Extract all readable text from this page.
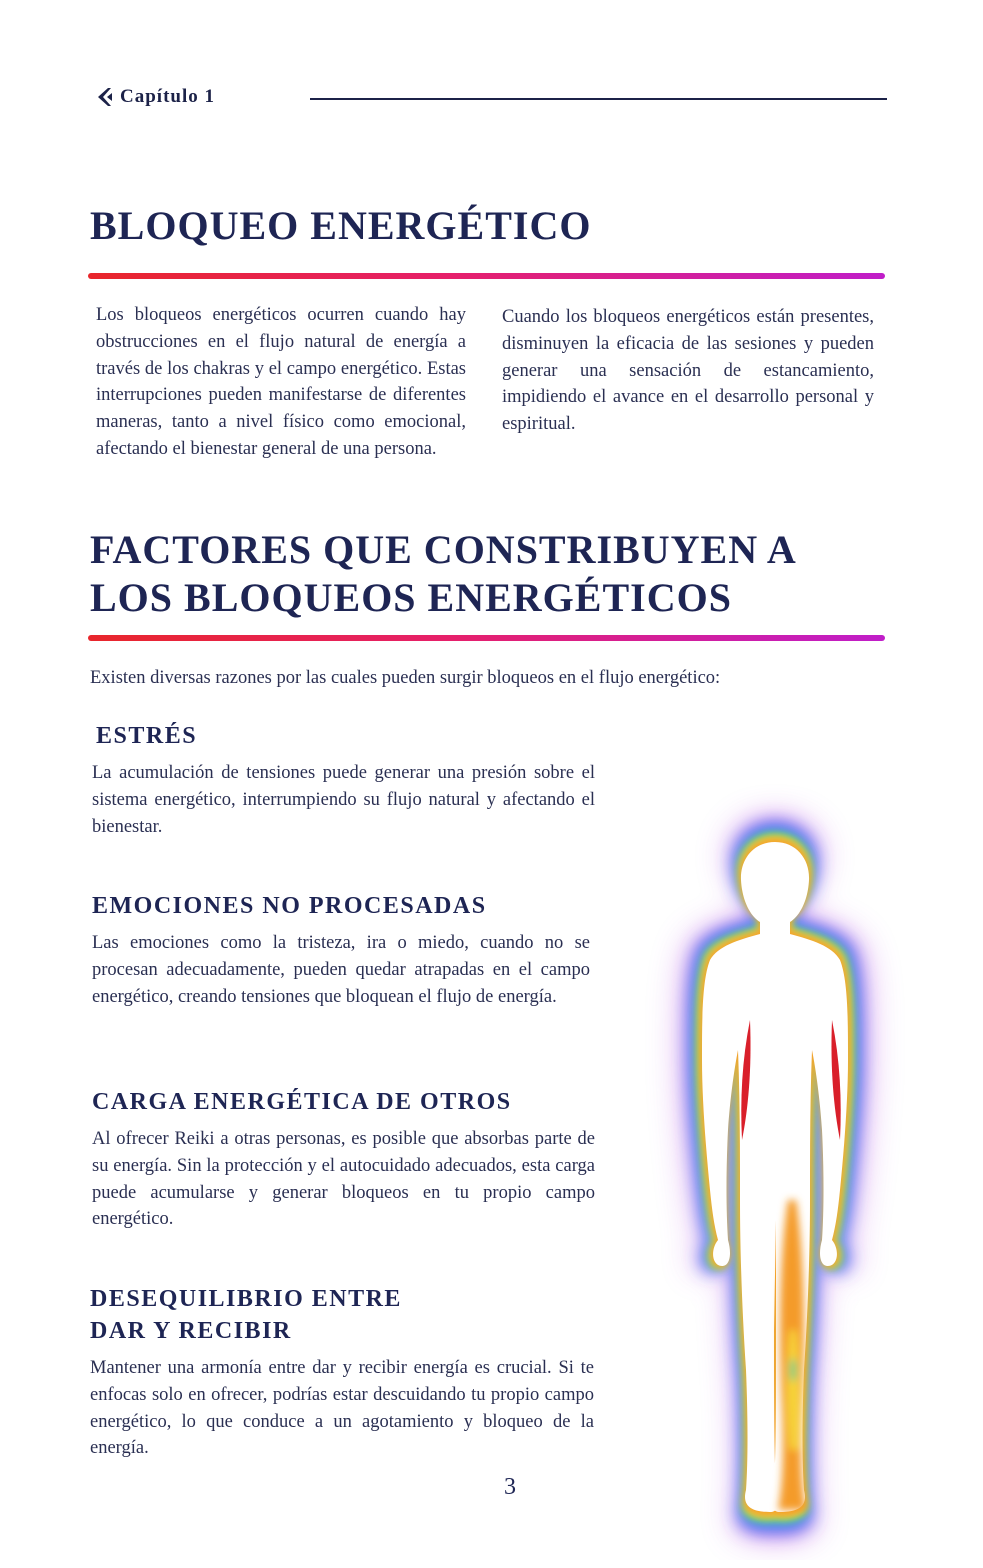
Capítulo 1
BLOQUEO ENERGÉTICO

Los bloqueos energéticos ocurren cuando hay obstrucciones en el flujo natural de energía a través de los chakras y el campo energético. Estas interrupciones pueden manifestarse de diferentes maneras, tanto a nivel físico como emocional, afectando el bienestar general de una persona.

Cuando los bloqueos energéticos están presentes, disminuyen la eficacia de las sesiones y pueden generar una sensación de estancamiento, impidiendo el avance en el desarrollo personal y espiritual.

FACTORES QUE CONSTRIBUYEN A
LOS BLOQUEOS ENERGÉTICOS

Existen diversas razones por las cuales pueden surgir bloqueos en el flujo energético:

ESTRÉS

La acumulación de tensiones puede generar una presión sobre el sistema energético, interrumpiendo su flujo natural y afectando el bienestar.

EMOCIONES NO PROCESADAS

Las emociones como la tristeza, ira o miedo, cuando no se procesan adecuadamente, pueden quedar atrapadas en el campo energético, creando tensiones que bloquean el flujo de energía.

CARGA ENERGÉTICA DE OTROS

Al ofrecer Reiki a otras personas, es posible que absorbas parte de su energía. Sin la protección y el autocuidado adecuados, esta carga puede acumularse y generar bloqueos en tu propio campo energético.

DESEQUILIBRIO ENTRE
DAR Y RECIBIR

Mantener una armonía entre dar y recibir energía es crucial. Si te enfocas solo en ofrecer, podrías estar descuidando tu propio campo energético, lo que conduce a un agotamiento y bloqueo de la energía.

3
